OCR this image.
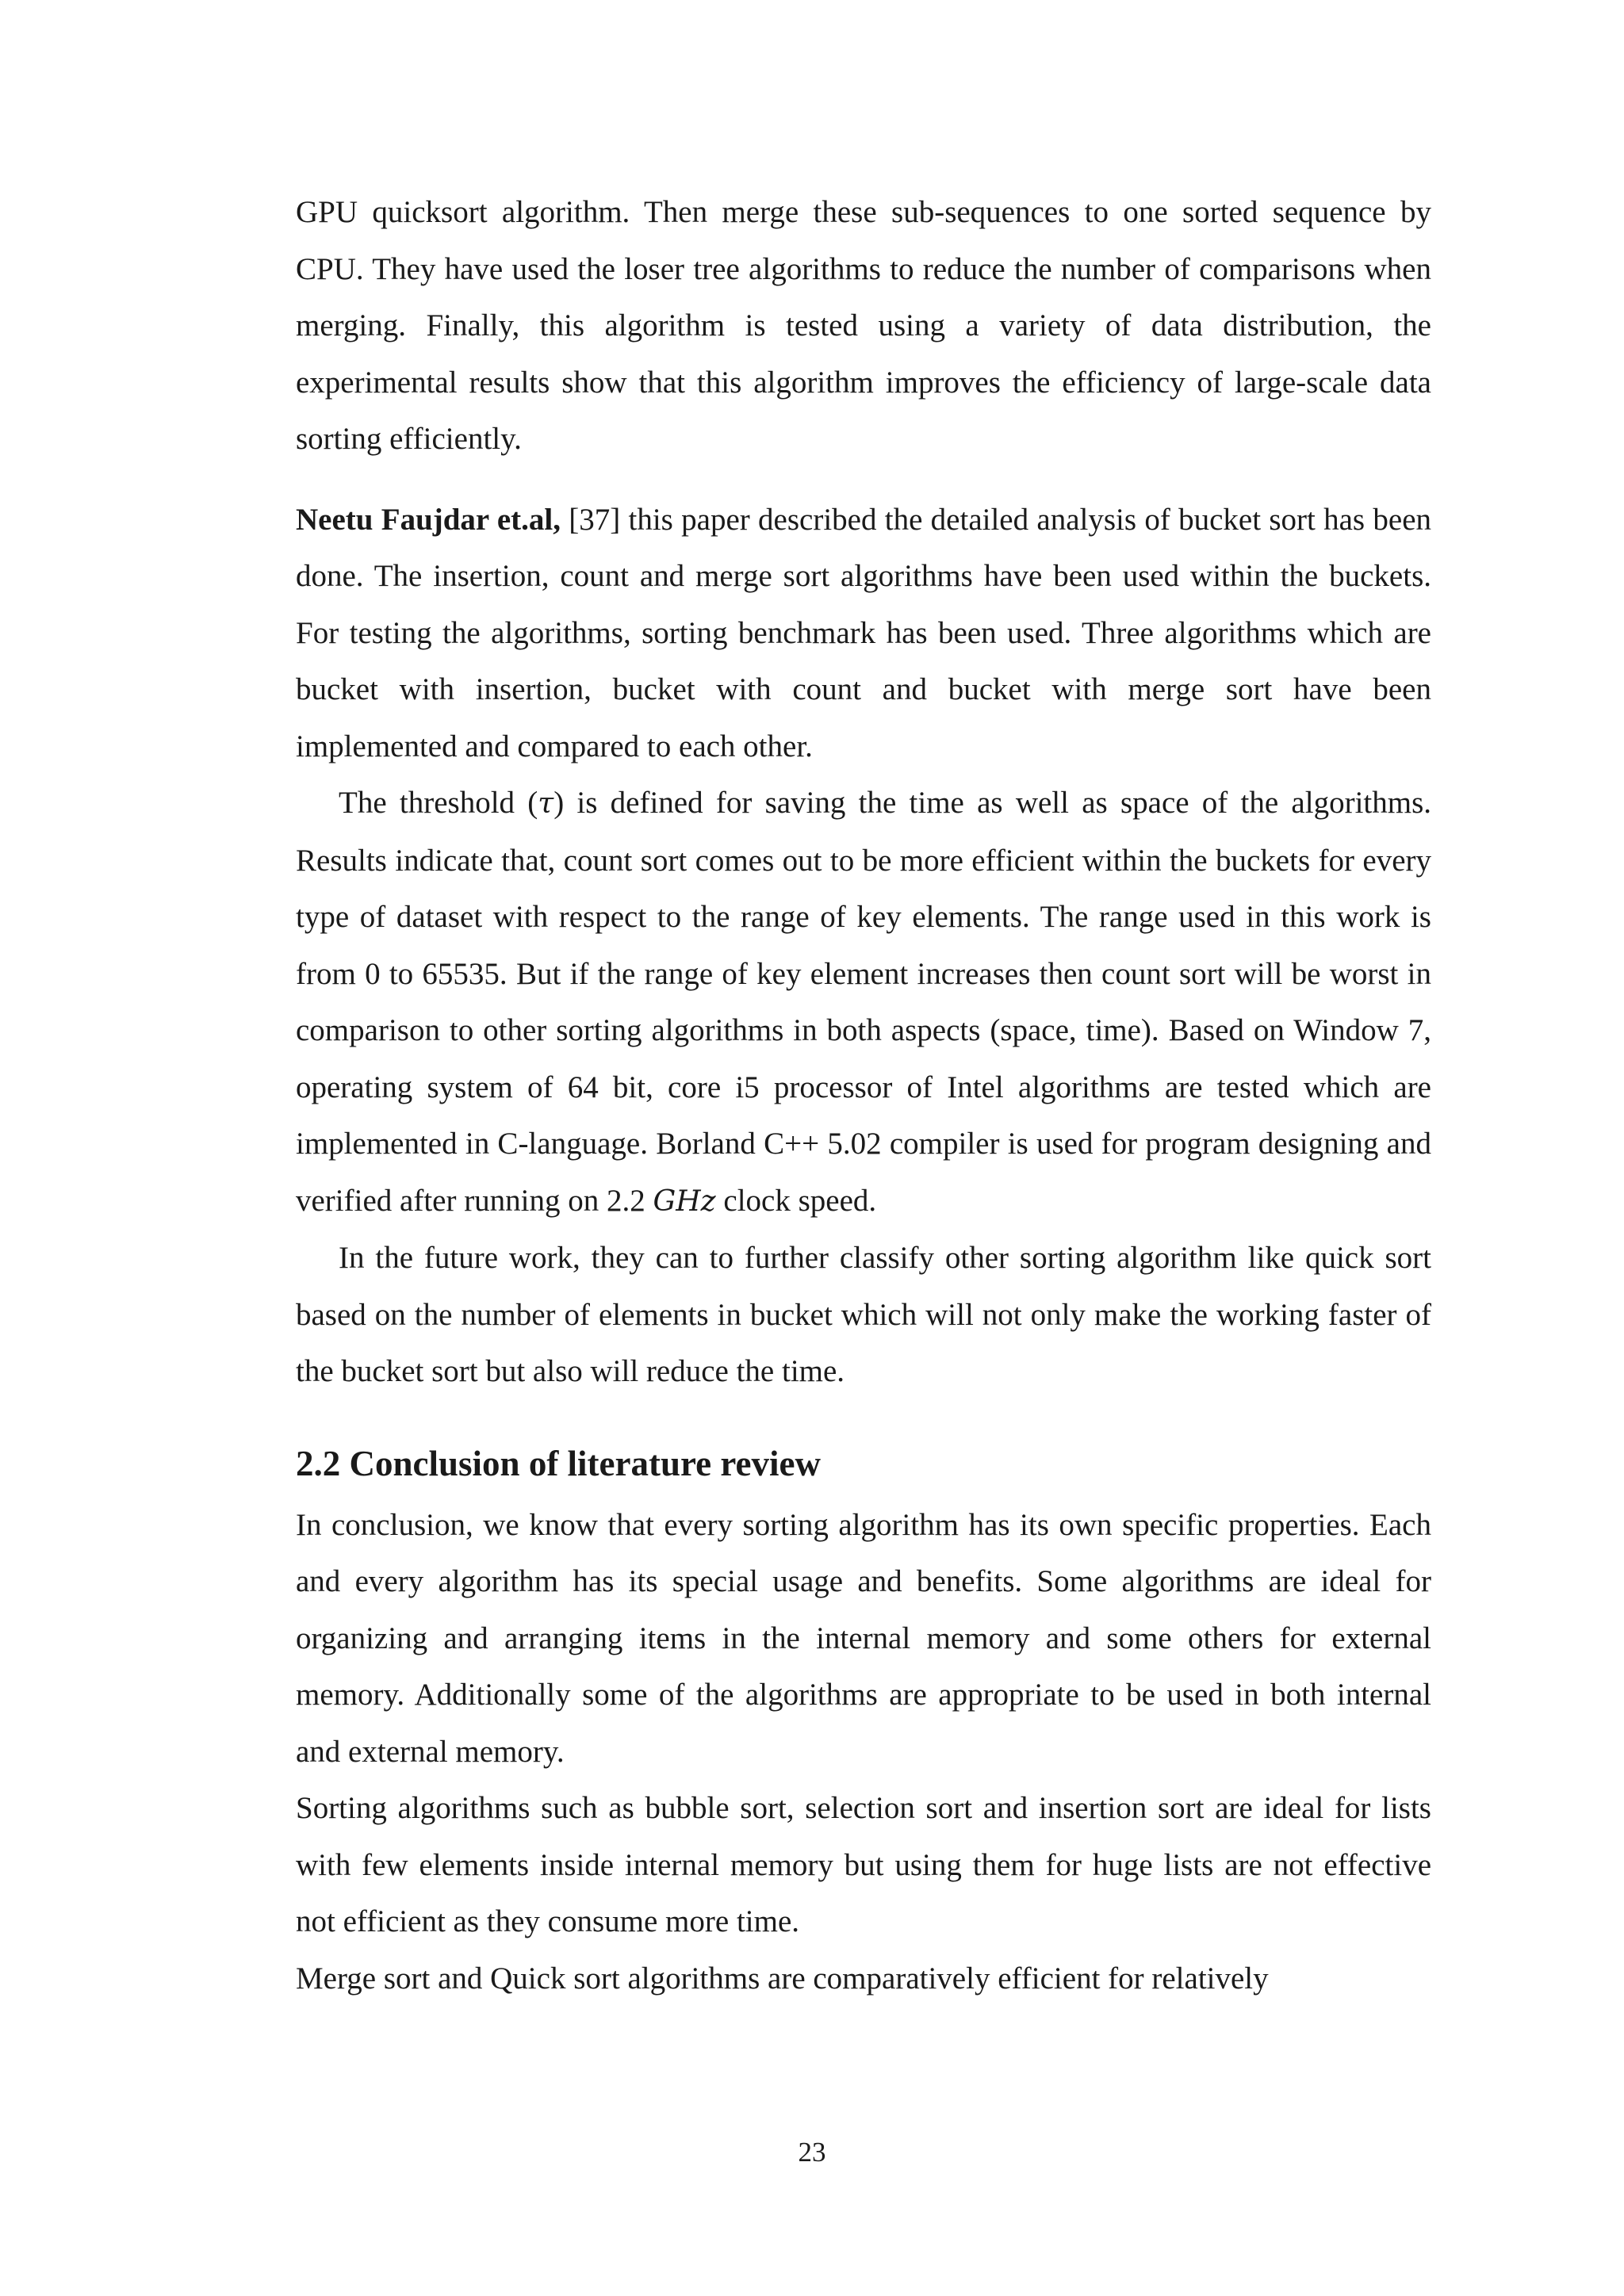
GPU quicksort algorithm. Then merge these sub-sequences to one sorted sequence by CPU. They have used the loser tree algorithms to reduce the number of comparisons when merging. Finally, this algorithm is tested using a variety of data distribution, the experimental results show that this algorithm improves the efficiency of large-scale data sorting efficiently.

Neetu Faujdar et.al, [37] this paper described the detailed analysis of bucket sort has been done. The insertion, count and merge sort algorithms have been used within the buckets. For testing the algorithms, sorting benchmark has been used. Three algorithms which are bucket with insertion, bucket with count and bucket with merge sort have been implemented and compared to each other.

The threshold (τ) is defined for saving the time as well as space of the algorithms. Results indicate that, count sort comes out to be more efficient within the buckets for every type of dataset with respect to the range of key elements. The range used in this work is from 0 to 65535. But if the range of key element increases then count sort will be worst in comparison to other sorting algorithms in both aspects (space, time). Based on Window 7, operating system of 64 bit, core i5 processor of Intel algorithms are tested which are implemented in C-language. Borland C++ 5.02 compiler is used for program designing and verified after running on 2.2 GHz clock speed.

In the future work, they can to further classify other sorting algorithm like quick sort based on the number of elements in bucket which will not only make the working faster of the bucket sort but also will reduce the time.

2.2 Conclusion of literature review

In conclusion, we know that every sorting algorithm has its own specific properties. Each and every algorithm has its special usage and benefits. Some algorithms are ideal for organizing and arranging items in the internal memory and some others for external memory. Additionally some of the algorithms are appropriate to be used in both internal and external memory.

Sorting algorithms such as bubble sort, selection sort and insertion sort are ideal for lists with few elements inside internal memory but using them for huge lists are not effective not efficient as they consume more time.

Merge sort and Quick sort algorithms are comparatively efficient for relatively

23
